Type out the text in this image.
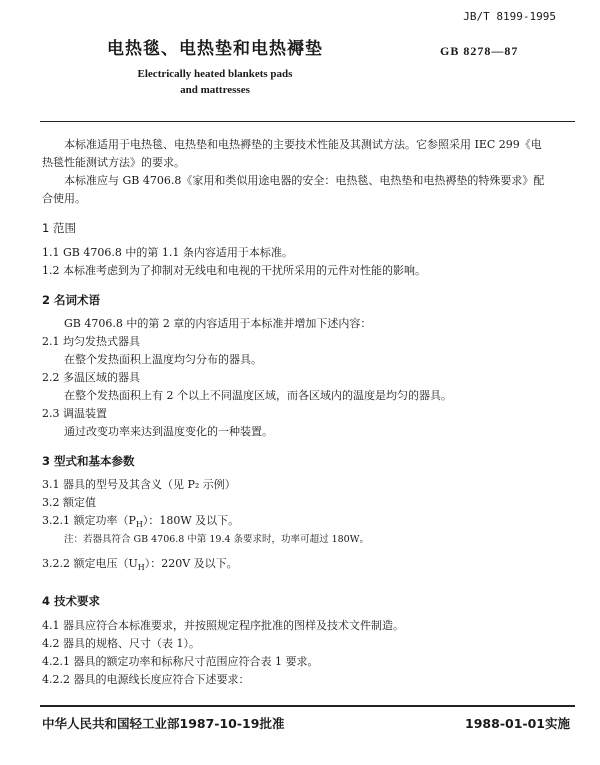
JB/T 8199-1995
电热毯、电热垫和电热褥垫	GB 8278—87
Electrically heated blankets pads
and mattresses
本标准适用于电热毯、电热垫和电热褥垫的主要技术性能及其测试方法。它参照采用 IEC 299《电
热毯性能测试方法》的要求。
本标准应与 GB 4706.8《家用和类似用途电器的安全：电热毯、电热垫和电热褥垫的特殊要求》配
合使用。
1 范围
1.1 GB 4706.8 中的第 1.1 条内容适用于本标准。
1.2 本标准考虑到为了抑制对无线电和电视的干扰所采用的元件对性能的影响。
2 名词术语
GB 4706.8 中的第 2 章的内容适用于本标准并增加下述内容：
2.1 均匀发热式器具
在整个发热面积上温度均匀分布的器具。
2.2 多温区域的器具
在整个发热面积上有 2 个以上不同温度区域，而各区域内的温度是均匀的器具。
2.3 调温装置
通过改变功率来达到温度变化的一种装置。
3 型式和基本参数
3.1 器具的型号及其含义（见 P₂ 示例）
3.2 额定值
3.2.1 额定功率$(P_H)$：180W 及以下。
注：若器具符合 GB 4706.8 中第 19.4 条要求时，功率可超过 180W。
3.2.2 额定电压$(U_H)$：220V 及以下。
4 技术要求
4.1 器具应符合本标准要求，并按照规定程序批准的图样及技术文件制造。
4.2 器具的规格、尺寸（表 1）。
4.2.1 器具的额定功率和标称尺寸范围应符合表 1 要求。
4.2.2 器具的电源线长度应符合下述要求：
中华人民共和国轻工业部1987-10-19批准	1988-01-01实施
